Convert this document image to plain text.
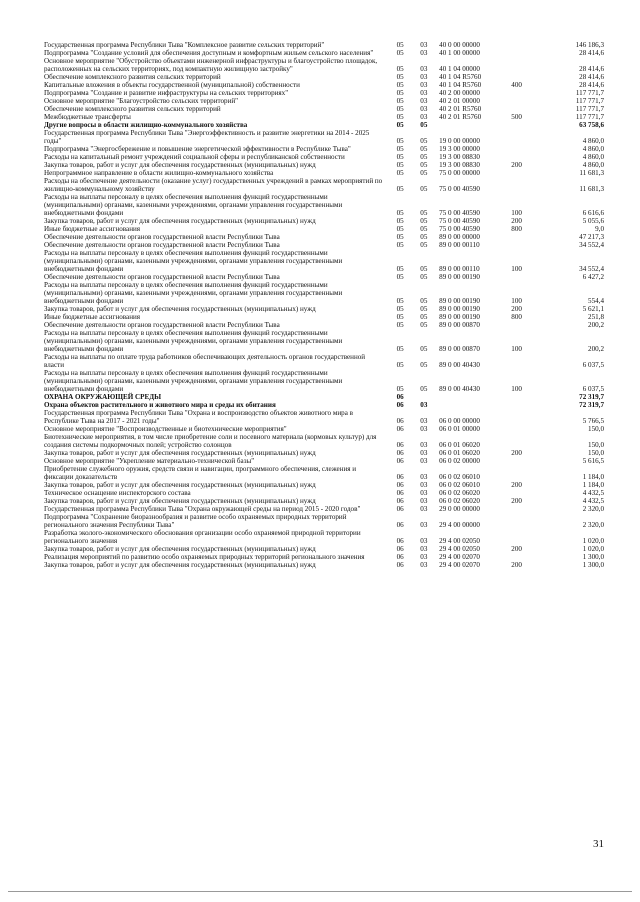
Государственная программа Республики Тыва "Комплексное развитие сельских территорий"	05	03	40 0 00 00000		146 186,3
Подпрограмма "Создание условий для обеспечения доступным и комфортным жильем сельского населения"	05	03	40 1 00 00000		28 414,6
Основное мероприятие "Обустройство объектами инженерной инфраструктуры и благоустройство площадок, расположенных на сельских территориях, под компактную жилищную застройку"	05	03	40 1 04 00000		28 414,6
Обеспечение комплексного развития сельских территорий	05	03	40 1 04 R5760		28 414,6
Капитальные вложения в объекты государственной (муниципальной) собственности	05	03	40 1 04 R5760	400	28 414,6
Подпрограмма "Создание и развитие инфраструктуры на сельских территориях"	05	03	40 2 00 00000		117 771,7
Основное мероприятие "Благоустройство сельских территорий"	05	03	40 2 01 00000		117 771,7
Обеспечение комплексного развития сельских территорий	05	03	40 2 01 R5760		117 771,7
Межбюджетные трансферты	05	03	40 2 01 R5760	500	117 771,7
Другие вопросы в области жилищно-коммунального хозяйства	05	05			63 758,6
Государственная программа Республики Тыва "Энергоэффективность и развитие энергетики на 2014 - 2025 годы"	05	05	19 0 00 00000		4 860,0
Подпрограмма "Энергосбережение и повышение энергетической эффективности в Республике Тыва"	05	05	19 3 00 00000		4 860,0
Расходы на капитальный ремонт учреждений социальной сферы и республиканской собственности	05	05	19 3 00 08830		4 860,0
Закупка товаров, работ и услуг для обеспечения государственных (муниципальных) нужд	05	05	19 3 00 08830	200	4 860,0
Непрограммное направление в области жилищно-коммунального хозяйства	05	05	75 0 00 00000		11 681,3
Расходы на обеспечение деятельности (оказание услуг) государственных учреждений в рамках мероприятий по жилищно-коммунальному хозяйству	05	05	75 0 00 40590		11 681,3
Расходы на выплаты персоналу в целях обеспечения выполнения функций государственными (муниципальными) органами, казенными учреждениями, органами управления государственными внебюджетными фондами	05	05	75 0 00 40590	100	6 616,6
Закупка товаров, работ и услуг для обеспечения государственных (муниципальных) нужд	05	05	75 0 00 40590	200	5 055,6
Иные бюджетные ассигнования	05	05	75 0 00 40590	800	9,0
Обеспечение деятельности органов государственной власти Республики Тыва	05	05	89 0 00 00000		47 217,3
Обеспечение деятельности органов государственной власти Республики Тыва	05	05	89 0 00 00110		34 552,4
Расходы на выплаты персоналу в целях обеспечения выполнения функций государственными (муниципальными) органами, казенными учреждениями, органами управления государственными внебюджетными фондами	05	05	89 0 00 00110	100	34 552,4
Обеспечение деятельности органов государственной власти Республики Тыва	05	05	89 0 00 00190		6 427,2
Расходы на выплаты персоналу в целях обеспечения выполнения функций государственными (муниципальными) органами, казенными учреждениями, органами управления государственными внебюджетными фондами	05	05	89 0 00 00190	100	554,4
Закупка товаров, работ и услуг для обеспечения государственных (муниципальных) нужд	05	05	89 0 00 00190	200	5 621,1
Иные бюджетные ассигнования	05	05	89 0 00 00190	800	251,8
Обеспечение деятельности органов государственной власти Республики Тыва	05	05	89 0 00 00870		200,2
Расходы на выплаты персоналу в целях обеспечения выполнения функций государственными (муниципальными) органами, казенными учреждениями, органами управления государственными внебюджетными фондами	05	05	89 0 00 00870	100	200,2
Расходы на выплаты по оплате труда работников обеспечивающих деятельность органов государственной власти	05	05	89 0 00 40430		6 037,5
Расходы на выплаты персоналу в целях обеспечения выполнения функций государственными (муниципальными) органами, казенными учреждениями, органами управления государственными внебюджетными фондами	05	05	89 0 00 40430	100	6 037,5
ОХРАНА ОКРУЖАЮЩЕЙ СРЕДЫ	06				72 319,7
Охрана объектов растительного и животного мира и среды их обитания	06	03			72 319,7
Государственная программа Республики Тыва "Охрана и воспроизводство объектов животного мира в Республике Тыва на 2017 - 2021 годы"	06	03	06 0 00 00000		5 766,5
Основное мероприятие "Воспроизводственные и биотехнические мероприятия"	06	03	06 0 01 00000		150,0
Биотехнические мероприятия, в том числе приобретение соли и посевного материала (кормовых культур) для создания системы подкормочных полей; устройство солонцов	06	03	06 0 01 06020		150,0
Закупка товаров, работ и услуг для обеспечения государственных (муниципальных) нужд	06	03	06 0 01 06020	200	150,0
Основное мероприятие "Укрепление материально-технической базы"	06	03	06 0 02 00000		5 616,5
Приобретение служебного оружия, средств связи и навигации, программного обеспечения, слежения и фиксации доказательств	06	03	06 0 02 06010		1 184,0
Закупка товаров, работ и услуг для обеспечения государственных (муниципальных) нужд	06	03	06 0 02 06010	200	1 184,0
Техническое оснащение инспекторского состава	06	03	06 0 02 06020		4 432,5
Закупка товаров, работ и услуг для обеспечения государственных (муниципальных) нужд	06	03	06 0 02 06020	200	4 432,5
Государственная программа Республики Тыва "Охрана окружающей среды на период 2015 - 2020 годов"	06	03	29 0 00 00000		2 320,0
Подпрограмма "Сохранение биоразнообразия и развитие особо охраняемых природных территорий регионального значения Республики Тыва"	06	03	29 4 00 00000		2 320,0
Разработка эколого-экономического обоснования организации особо охраняемой природной территории регионального значения	06	03	29 4 00 02050		1 020,0
Закупка товаров, работ и услуг для обеспечения государственных (муниципальных) нужд	06	03	29 4 00 02050	200	1 020,0
Реализация мероприятий по развитию особо охраняемых природных территорий регионального значения	06	03	29 4 00 02070		1 300,0
Закупка товаров, работ и услуг для обеспечения государственных (муниципальных) нужд	06	03	29 4 00 02070	200	1 300,0
31
